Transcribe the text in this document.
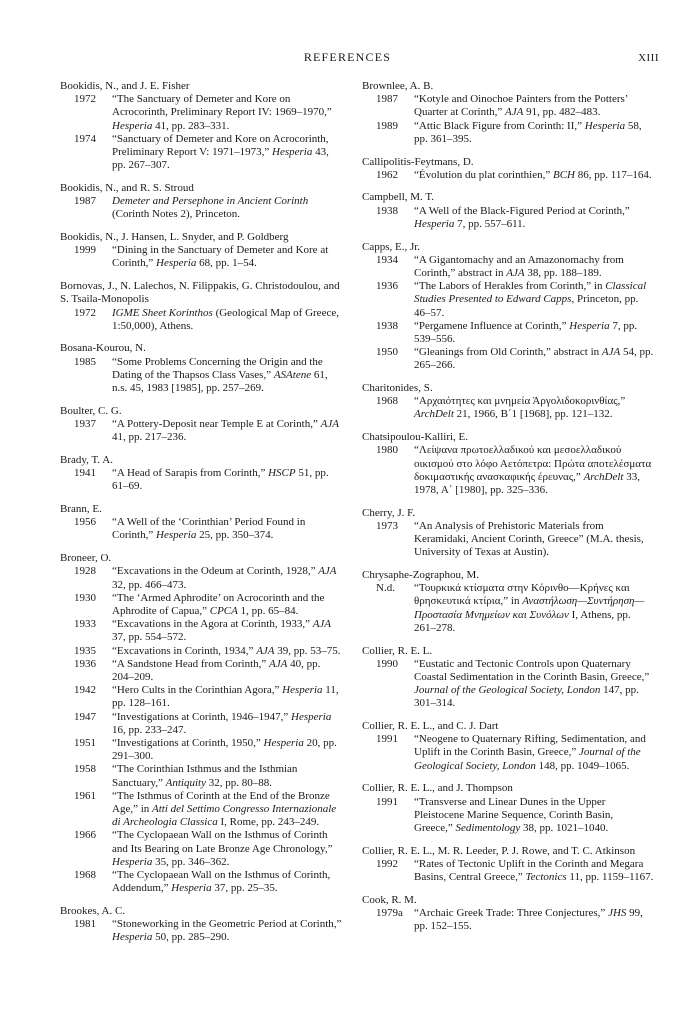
REFERENCES	XIII
Bookidis, N., and J. E. Fisher
1972	“The Sanctuary of Demeter and Kore on Acrocorinth, Preliminary Report IV: 1969–1970,” Hesperia 41, pp. 283–331.
1974	“Sanctuary of Demeter and Kore on Acrocorinth, Preliminary Report V: 1971–1973,” Hesperia 43, pp. 267–307.
Bookidis, N., and R. S. Stroud
1987	Demeter and Persephone in Ancient Corinth (Corinth Notes 2), Princeton.
Bookidis, N., J. Hansen, L. Snyder, and P. Goldberg
1999	“Dining in the Sanctuary of Demeter and Kore at Corinth,” Hesperia 68, pp. 1–54.
Bornovas, J., N. Lalechos, N. Filippakis, G. Christodoulou, and S. Tsaila-Monopolis
1972	IGME Sheet Korinthos (Geological Map of Greece, 1:50,000), Athens.
Bosana-Kourou, N.
1985	“Some Problems Concerning the Origin and the Dating of the Thapsos Class Vases,” ASAtene 61, n.s. 45, 1983 [1985], pp. 257–269.
Boulter, C. G.
1937	“A Pottery-Deposit near Temple E at Corinth,” AJA 41, pp. 217–236.
Brady, T. A.
1941	“A Head of Sarapis from Corinth,” HSCP 51, pp. 61–69.
Brann, E.
1956	“A Well of the ‘Corinthian’ Period Found in Corinth,” Hesperia 25, pp. 350–374.
Broneer, O.
1928	“Excavations in the Odeum at Corinth, 1928,” AJA 32, pp. 466–473.
1930	“The ‘Armed Aphrodite’ on Acrocorinth and the Aphrodite of Capua,” CPCA 1, pp. 65–84.
1933	“Excavations in the Agora at Corinth, 1933,” AJA 37, pp. 554–572.
1935	“Excavations in Corinth, 1934,” AJA 39, pp. 53–75.
1936	“A Sandstone Head from Corinth,” AJA 40, pp. 204–209.
1942	“Hero Cults in the Corinthian Agora,” Hesperia 11, pp. 128–161.
1947	“Investigations at Corinth, 1946–1947,” Hesperia 16, pp. 233–247.
1951	“Investigations at Corinth, 1950,” Hesperia 20, pp. 291–300.
1958	“The Corinthian Isthmus and the Isthmian Sanctuary,” Antiquity 32, pp. 80–88.
1961	“The Isthmus of Corinth at the End of the Bronze Age,” in Atti del Settimo Congresso Internazionale di Archeologia Classica I, Rome, pp. 243–249.
1966	“The Cyclopaean Wall on the Isthmus of Corinth and Its Bearing on Late Bronze Age Chronology,” Hesperia 35, pp. 346–362.
1968	“The Cyclopaean Wall on the Isthmus of Corinth, Addendum,” Hesperia 37, pp. 25–35.
Brookes, A. C.
1981	“Stoneworking in the Geometric Period at Corinth,” Hesperia 50, pp. 285–290.
Brownlee, A. B.
1987	“Kotyle and Oinochoe Painters from the Potters’ Quarter at Corinth,” AJA 91, pp. 482–483.
1989	“Attic Black Figure from Corinth: II,” Hesperia 58, pp. 361–395.
Callipolitis-Feytmans, D.
1962	“Évolution du plat corinthien,” BCH 86, pp. 117–164.
Campbell, M. T.
1938	“A Well of the Black-Figured Period at Corinth,” Hesperia 7, pp. 557–611.
Capps, E., Jr.
1934	“A Gigantomachy and an Amazonomachy from Corinth,” abstract in AJA 38, pp. 188–189.
1936	“The Labors of Herakles from Corinth,” in Classical Studies Presented to Edward Capps, Princeton, pp. 46–57.
1938	“Pergamene Influence at Corinth,” Hesperia 7, pp. 539–556.
1950	“Gleanings from Old Corinth,” abstract in AJA 54, pp. 265–266.
Charitonides, S.
1968	“Αρχαιότητες και μνημεία Άργολιδοκορινθίας,” ArchDelt 21, 1966, B΄1 [1968], pp. 121–132.
Chatsipoulou-Kalliri, E.
1980	“Λείψανα πρωτοελλαδικού και μεσοελλαδικού οικισμού στο λόφο Αετόπετρα: Πρώτα αποτελέσματα δοκιμαστικής ανασκαφικής έρευνας,” ArchDelt 33, 1978, A΄ [1980], pp. 325–336.
Cherry, J. F.
1973	“An Analysis of Prehistoric Materials from Keramidaki, Ancient Corinth, Greece” (M.A. thesis, University of Texas at Austin).
Chrysaphe-Zographou, M.
N.d.	“Τουρκικά κτίσματα στην Κόρινθο—Κρήνες και θρησκευτικά κτίρια,” in Αναστήλωση—Συντήρηση—Προστασία Μνημείων και Συνόλων I, Athens, pp. 261–278.
Collier, R. E. L.
1990	“Eustatic and Tectonic Controls upon Quaternary Coastal Sedimentation in the Corinth Basin, Greece,” Journal of the Geological Society, London 147, pp. 301–314.
Collier, R. E. L., and C. J. Dart
1991	“Neogene to Quaternary Rifting, Sedimentation, and Uplift in the Corinth Basin, Greece,” Journal of the Geological Society, London 148, pp. 1049–1065.
Collier, R. E. L., and J. Thompson
1991	“Transverse and Linear Dunes in the Upper Pleistocene Marine Sequence, Corinth Basin, Greece,” Sedimentology 38, pp. 1021–1040.
Collier, R. E. L., M. R. Leeder, P. J. Rowe, and T. C. Atkinson
1992	“Rates of Tectonic Uplift in the Corinth and Megara Basins, Central Greece,” Tectonics 11, pp. 1159–1167.
Cook, R. M.
1979a	“Archaic Greek Trade: Three Conjectures,” JHS 99, pp. 152–155.
